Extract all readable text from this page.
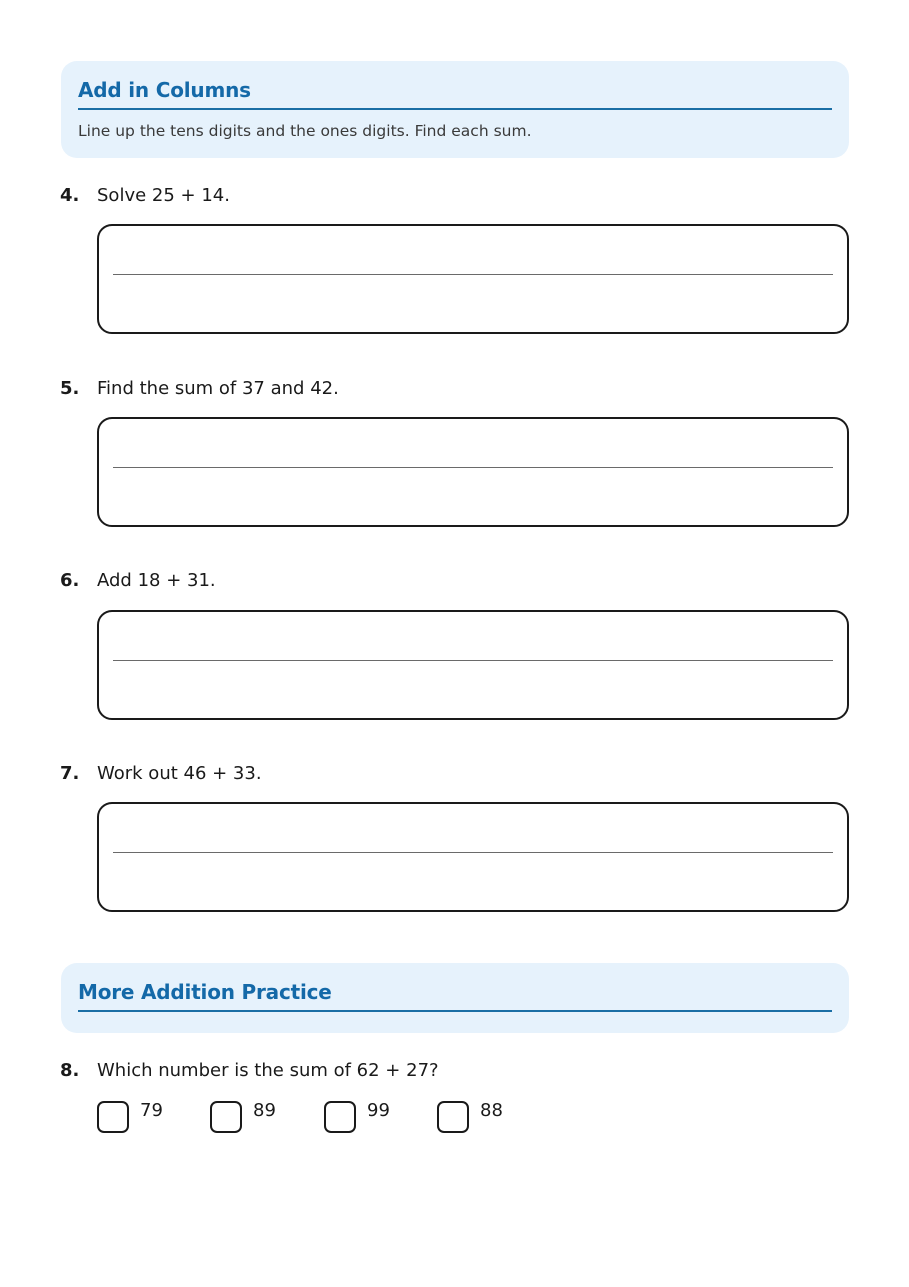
Add in Columns
Line up the tens digits and the ones digits. Find each sum.
4. Solve 25 + 14.
5. Find the sum of 37 and 42.
6. Add 18 + 31.
7. Work out 46 + 33.
More Addition Practice
8. Which number is the sum of 62 + 27?
79	89	99	88
